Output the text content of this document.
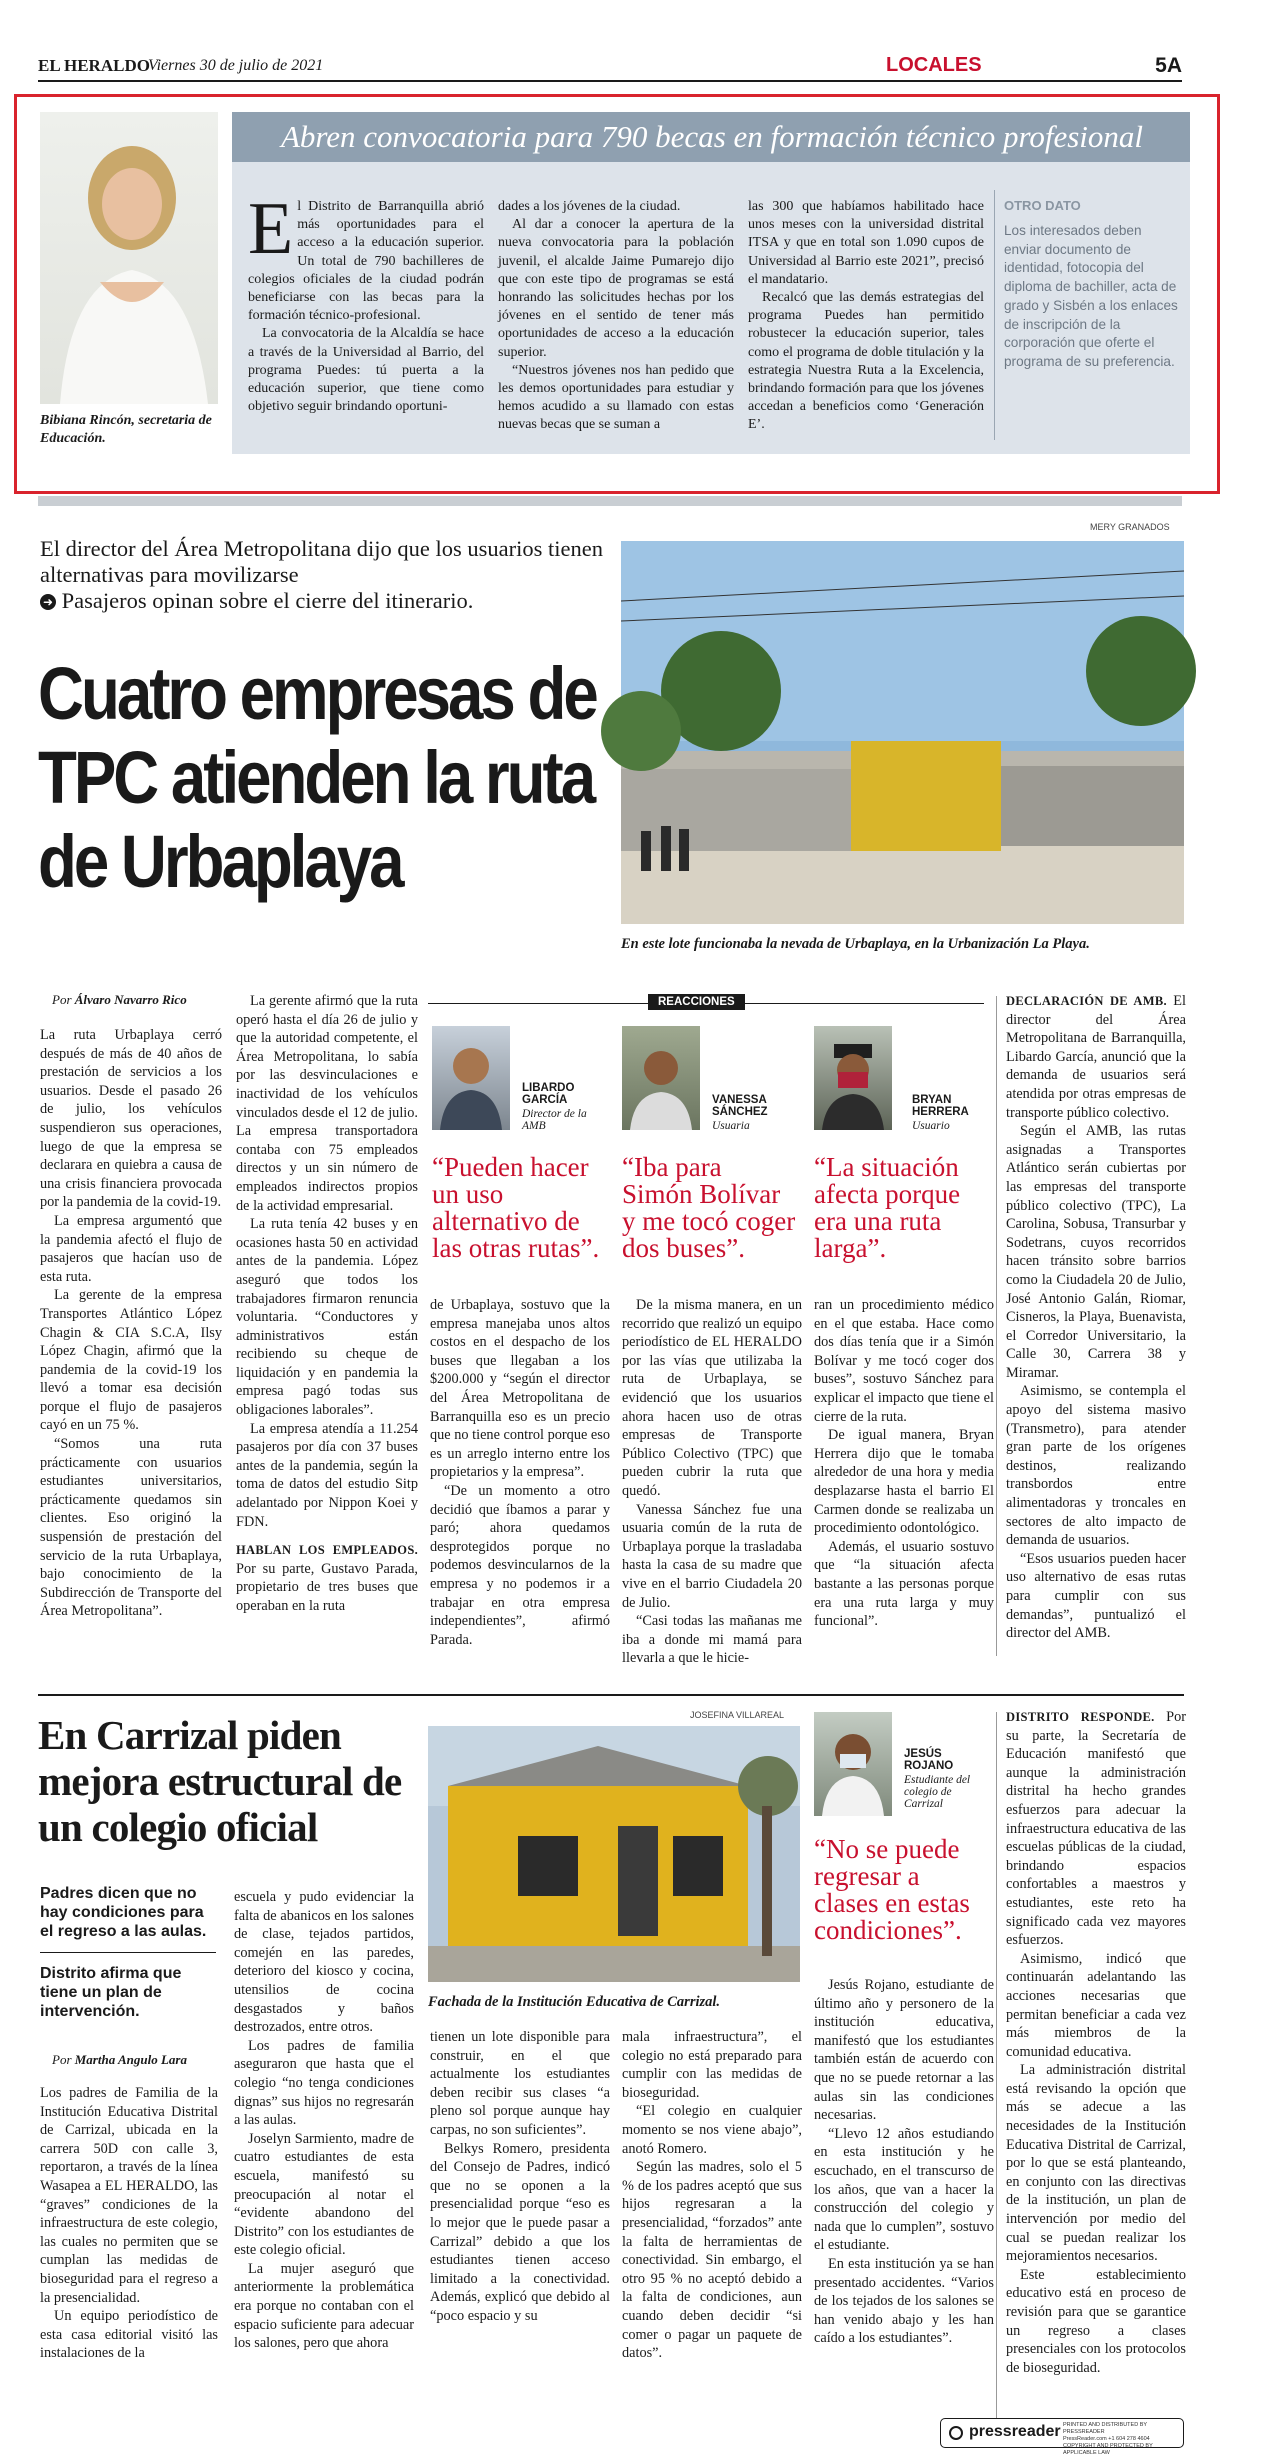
EL HERALDO
Viernes 30 de julio de 2021	LOCALES	5A
Bibiana Rincón, secretaria de Educación.
Abren convocatoria para 790 becas en formación técnico profesional
E l Distrito de Barranquilla abrió más oportunidades para el acceso a la educación superior. Un total de 790 bachilleres de colegios oficiales de la ciudad podrán beneficiarse con las becas para la formación técnico-profesional.

La convocatoria de la Alcaldía se hace a través de la Universidad al Barrio, del programa Puedes: tú puerta a la educación superior, que tiene como objetivo seguir brindando oportuni-

dades a los jóvenes de la ciudad.

Al dar a conocer la apertura de la nueva convocatoria para la población juvenil, el alcalde Jaime Pumarejo dijo que con este tipo de programas se está honrando las solicitudes hechas por los jóvenes en el sentido de tener más oportunidades de acceso a la educación superior.

“Nuestros jóvenes nos han pedido que les demos oportunidades para estudiar y hemos acudido a su llamado con estas nuevas becas que se suman a

las 300 que habíamos habilitado hace unos meses con la universidad distrital ITSA y que en total son 1.090 cupos de Universidad al Barrio este 2021”, precisó el mandatario.

Recalcó que las demás estrategias del programa Puedes han permitido robustecer la educación superior, tales como el programa de doble titulación y la estrategia Nuestra Ruta a la Excelencia, brindando formación para que los jóvenes accedan a beneficios como ‘Generación E’.

OTRO DATO
Los interesados deben enviar documento de identidad, fotocopia del diploma de bachiller, acta de grado y Sisbén a los enlaces de inscripción de la corporación que oferte el programa de su preferencia.
MERY GRANADOS
El director del Área Metropolitana dijo que los usuarios tienen alternativas para movilizarse
➜ Pasajeros opinan sobre el cierre del itinerario.
Cuatro empresas de TPC atienden la ruta de Urbaplaya
En este lote funcionaba la nevada de Urbaplaya, en la Urbanización La Playa.
Por Álvaro Navarro Rico

La ruta Urbaplaya cerró después de más de 40 años de prestación de servicios a los usuarios. Desde el pasado 26 de julio, los vehículos suspendieron sus operaciones, luego de que la empresa se declarara en quiebra a causa de una crisis financiera provocada por la pandemia de la covid-19.

La empresa argumentó que la pandemia afectó el flujo de pasajeros que hacían uso de esta ruta.

La gerente de la empresa Transportes Atlántico López Chagin & CIA S.C.A, Ilsy López Chagin, afirmó que la pandemia de la covid-19 los llevó a tomar esa decisión porque el flujo de pasajeros cayó en un 75 %.

“Somos una ruta prácticamente con usuarios estudiantes universitarios, prácticamente quedamos sin clientes. Eso originó la suspensión de prestación del servicio de la ruta Urbaplaya, bajo conocimiento de la Subdirección de Transporte del Área Metropolitana”.

La gerente afirmó que la ruta operó hasta el día 26 de julio y que la autoridad competente, el Área Metropolitana, lo sabía por las desvinculaciones e inactividad de los vehículos vinculados desde el 12 de julio. La empresa transportadora contaba con 75 empleados directos y un sin número de empleados indirectos propios de la actividad empresarial.

La ruta tenía 42 buses y en ocasiones hasta 50 en actividad antes de la pandemia. López aseguró que todos los trabajadores firmaron renuncia voluntaria. “Conductores y administrativos están recibiendo su cheque de liquidación y en pandemia la empresa pagó todas sus obligaciones laborales”.

La empresa atendía a 11.254 pasajeros por día con 37 buses antes de la pandemia, según la toma de datos del estudio Sitp adelantado por Nippon Koei y FDN.

HABLAN LOS EMPLEADOS. Por su parte, Gustavo Parada, propietario de tres buses que operaban en la ruta

REACCIONES
LIBARDO GARCÍA
Director de la AMB
“Pueden hacer un uso alternativo de las otras rutas”.
VANESSA SÁNCHEZ
Usuaria
“Iba para Simón Bolívar y me tocó coger dos buses”.
BRYAN HERRERA
Usuario
“La situación afecta porque era una ruta larga”.

de Urbaplaya, sostuvo que la empresa manejaba unos altos costos en el despacho de los buses que llegaban a los $200.000 y “según el director del Área Metropolitana de Barranquilla eso es un precio que no tiene control porque eso es un arreglo interno entre los propietarios y la empresa”.

“De un momento a otro decidió que íbamos a parar y paró; ahora quedamos desprotegidos porque no podemos desvincularnos de la empresa y no podemos ir a trabajar en otra empresa independientes”, afirmó Parada.

De la misma manera, en un recorrido que realizó un equipo periodístico de EL HERALDO por las vías que utilizaba la ruta de Urbaplaya, se evidenció que los usuarios ahora hacen uso de otras empresas de Transporte Público Colectivo (TPC) que pueden cubrir la ruta que quedó.

Vanessa Sánchez fue una usuaria común de la ruta de Urbaplaya porque la trasladaba hasta la casa de su madre que vive en el barrio Ciudadela 20 de Julio.

“Casi todas las mañanas me iba a donde mi mamá para llevarla a que le hicie-

ran un procedimiento médico en el que estaba. Hace como dos días tenía que ir a Simón Bolívar y me tocó coger dos buses”, sostuvo Sánchez para explicar el impacto que tiene el cierre de la ruta.

De igual manera, Bryan Herrera dijo que le tomaba alrededor de una hora y media desplazarse hasta el barrio El Carmen donde se realizaba un procedimiento odontológico.

Además, el usuario sostuvo que “la situación afecta bastante a las personas porque era una ruta larga y muy funcional”.

DECLARACIÓN DE AMB. El director del Área Metropolitana de Barranquilla, Libardo García, anunció que la demanda de usuarios será atendida por otras empresas de transporte público colectivo.

Según el AMB, las rutas asignadas a Transportes Atlántico serán cubiertas por las empresas del transporte público colectivo (TPC), La Carolina, Sobusa, Transurbar y Sodetrans, cuyos recorridos hacen tránsito sobre barrios como la Ciudadela 20 de Julio, José Antonio Galán, Riomar, Cisneros, la Playa, Buenavista, el Corredor Universitario, la Calle 30, Carrera 38 y Miramar.

Asimismo, se contempla el apoyo del sistema masivo (Transmetro), para atender gran parte de los orígenes destinos, realizando transbordos entre alimentadoras y troncales en sectores de alto impacto de demanda de usuarios.

“Esos usuarios pueden hacer uso alternativo de esas rutas para cumplir con sus demandas”, puntualizó el director del AMB.

En Carrizal piden mejora estructural de un colegio oficial
Padres dicen que no hay condiciones para el regreso a las aulas.
Distrito afirma que tiene un plan de intervención.
Por Martha Angulo Lara

Los padres de Familia de la Institución Educativa Distrital de Carrizal, ubicada en la carrera 50D con calle 3, reportaron, a través de la línea Wasapea a EL HERALDO, las “graves” condiciones de la infraestructura de este colegio, las cuales no permiten que se cumplan las medidas de bioseguridad para el regreso a la presencialidad.

Un equipo periodístico de esta casa editorial visitó las instalaciones de la

escuela y pudo evidenciar la falta de abanicos en los salones de clase, tejados partidos, comején en las paredes, deterioro del kiosco y cocina, utensilios de cocina desgastados y baños destrozados, entre otros.

Los padres de familia aseguraron que hasta que el colegio “no tenga condiciones dignas” sus hijos no regresarán a las aulas.

Joselyn Sarmiento, madre de cuatro estudiantes de esta escuela, manifestó su preocupación al notar el “evidente abandono del Distrito” con los estudiantes de este colegio oficial.

La mujer aseguró que anteriormente la problemática era porque no contaban con el espacio suficiente para adecuar los salones, pero que ahora

JOSEFINA VILLAREAL
Fachada de la Institución Educativa de Carrizal.
JESÚS ROJANO
Estudiante del colegio de Carrizal
“No se puede regresar a clases en estas condiciones”.

tienen un lote disponible para construir, en el que actualmente los estudiantes deben recibir sus clases “a pleno sol porque aunque hay carpas, no son suficientes”.

Belkys Romero, presidenta del Consejo de Padres, indicó que no se oponen a la presencialidad porque “eso es lo mejor que le puede pasar a Carrizal” debido a que los estudiantes tienen acceso limitado a la conectividad. Además, explicó que debido al “poco espacio y su

mala infraestructura”, el colegio no está preparado para cumplir con las medidas de bioseguridad.

“El colegio en cualquier momento se nos viene abajo”, anotó Romero.

Según las madres, solo el 5 % de los padres aceptó que sus hijos regresaran a la presencialidad, “forzados” ante la falta de herramientas de conectividad. Sin embargo, el otro 95 % no aceptó debido a la falta de condiciones, aun cuando deben decidir “si comer o pagar un paquete de datos”.

Jesús Rojano, estudiante de último año y personero de la institución educativa, manifestó que los estudiantes también están de acuerdo con que no se puede retornar a las aulas sin las condiciones necesarias.

“Llevo 12 años estudiando en esta institución y he escuchado, en el transcurso de los años, que van a hacer la construcción del colegio y nada que lo cumplen”, sostuvo el estudiante.

En esta institución ya se han presentado accidentes. “Varios de los tejados de los salones se han venido abajo y les han caído a los estudiantes”.

DISTRITO RESPONDE. Por su parte, la Secretaría de Educación manifestó que aunque la administración distrital ha hecho grandes esfuerzos para adecuar la infraestructura educativa de las escuelas públicas de la ciudad, brindando espacios confortables a maestros y estudiantes, este reto ha significado cada vez mayores esfuerzos.

Asimismo, indicó que continuarán adelantando las acciones necesarias que permitan beneficiar a cada vez más miembros de la comunidad educativa.

La administración distrital está revisando la opción que más se adecue a las necesidades de la Institución Educativa Distrital de Carrizal, por lo que se está planteando, en conjunto con las directivas de la institución, un plan de intervención por medio del cual se puedan realizar los mejoramientos necesarios.

Este establecimiento educativo está en proceso de revisión para que se garantice un regreso a clases presenciales con los protocolos de bioseguridad.

pressreader PRINTED AND DISTRIBUTED BY PRESSREADER
PressReader.com +1 604 278 4604
COPYRIGHT AND PROTECTED BY APPLICABLE LAW
